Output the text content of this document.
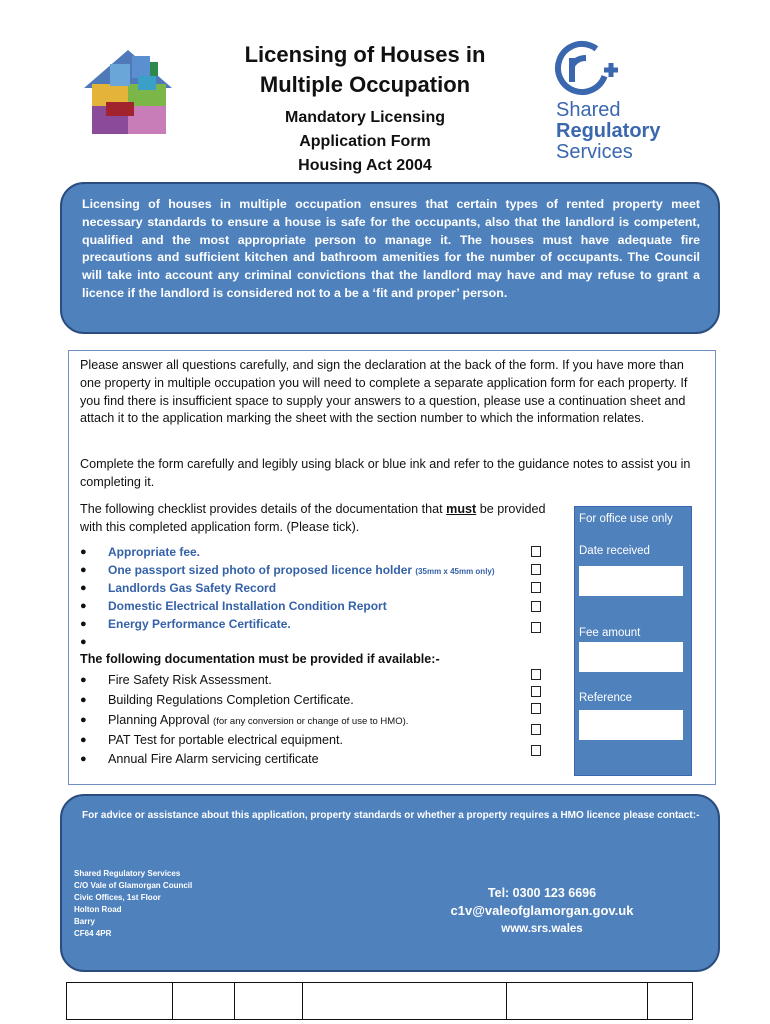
Licensing of Houses in
Multiple Occupation
Mandatory Licensing
Application Form
Housing Act 2004
Shared
Regulatory
Services
Licensing of houses in multiple occupation ensures that certain types of rented property meet necessary standards to ensure a house is safe for the occupants, also that the landlord is competent, qualified and the most appropriate person to manage it. The houses must have adequate fire precautions and sufficient kitchen and bathroom amenities for the number of occupants. The Council will take into account any criminal convictions that the landlord may have and may refuse to grant a licence if the landlord is considered not to a be a ‘fit and proper’ person.
Please answer all questions carefully, and sign the declaration at the back of the form. If you have more than one property in multiple occupation you will need to complete a separate application form for each property. If you find there is insufficient space to supply your answers to a question, please use a continuation sheet and attach it to the application marking the sheet with the section number to which the information relates.
Complete the form carefully and legibly using black or blue ink and refer to the guidance notes to assist you in completing it.
The following checklist provides details of the documentation that must be provided with this completed application form. (Please tick).
● Appropriate fee.
● One passport sized photo of proposed licence holder (35mm x 45mm only)
● Landlords Gas Safety Record
● Domestic Electrical Installation Condition Report
● Energy Performance Certificate.
●
The following documentation must be provided if available:-
● Fire Safety Risk Assessment.
● Building Regulations Completion Certificate.
● Planning Approval (for any conversion or change of use to HMO).
● PAT Test for portable electrical equipment.
● Annual Fire Alarm servicing certificate
For office use only
Date received
Fee amount
Reference
For advice or assistance about this application, property standards or whether a property requires a HMO licence please contact:-
Shared Regulatory Services
C/O Vale of Glamorgan Council
Civic Offices, 1st Floor
Holton Road
Barry
CF64 4PR
Tel: 0300 123 6696
c1v@valeofglamorgan.gov.uk
www.srs.wales
